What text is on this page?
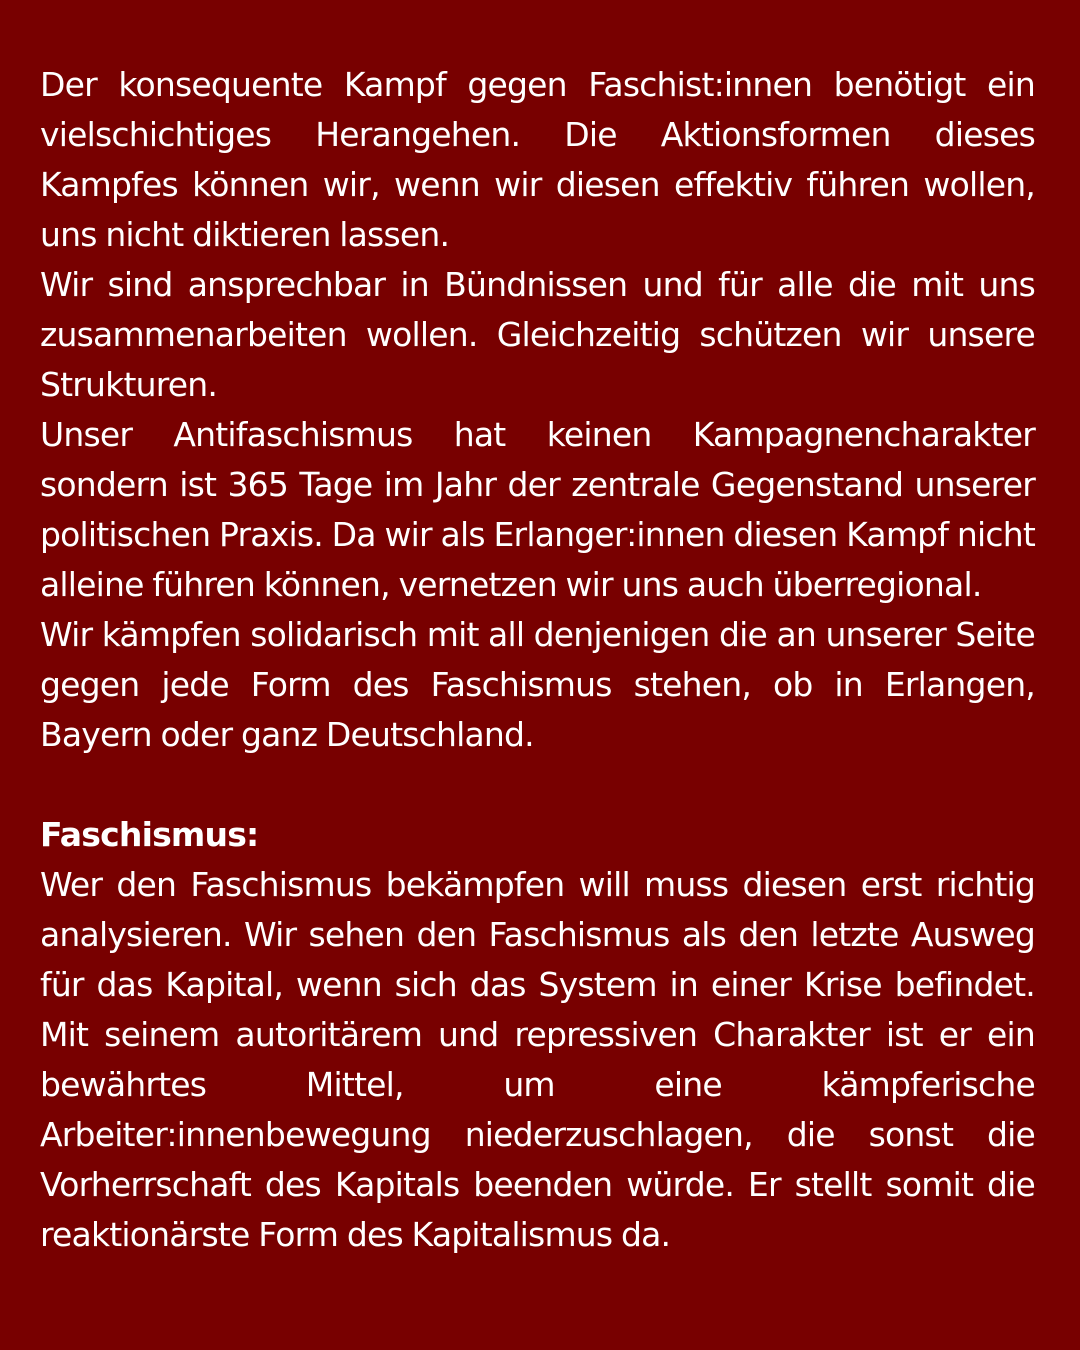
Der konsequente Kampf gegen Faschist:innen benötigt ein vielschichtiges Herangehen. Die Aktionsformen dieses Kampfes können wir, wenn wir diesen effektiv führen wollen, uns nicht diktieren lassen.

Wir sind ansprechbar in Bündnissen und für alle die mit uns zusammenarbeiten wollen. Gleichzeitig schützen wir unsere Strukturen.

Unser Antifaschismus hat keinen Kampagnencharakter sondern ist 365 Tage im Jahr der zentrale Gegenstand unserer politischen Praxis. Da wir als Erlanger:innen diesen Kampf nicht alleine führen können, vernetzen wir uns auch überregional.

Wir kämpfen solidarisch mit all denjenigen die an unserer Seite gegen jede Form des Faschismus stehen, ob in Erlangen, Bayern oder ganz Deutschland.

Faschismus:

Wer den Faschismus bekämpfen will muss diesen erst richtig analysieren. Wir sehen den Faschismus als den letzte Ausweg für das Kapital, wenn sich das System in einer Krise befindet. Mit seinem autoritärem und repressiven Charakter ist er ein bewährtes Mittel, um eine kämpferische Arbeiter:innenbewegung niederzuschlagen, die sonst die Vorherrschaft des Kapitals beenden würde. Er stellt somit die reaktionärste Form des Kapitalismus da.
